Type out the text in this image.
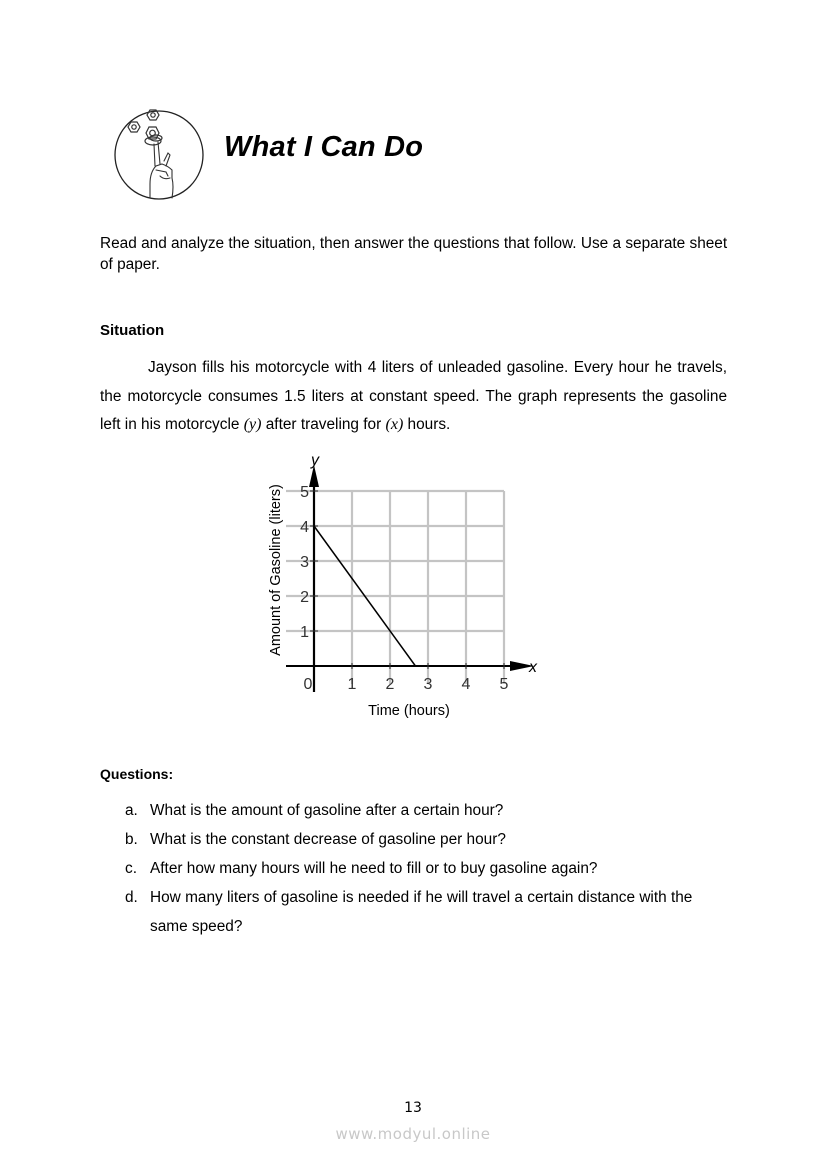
What I Can Do
Read and analyze the situation, then answer the questions that follow. Use a separate sheet of paper.
Situation
Jayson fills his motorcycle with 4 liters of unleaded gasoline. Every hour he travels, the motorcycle consumes 1.5 liters at constant speed. The graph represents the gasoline left in his motorcycle (y) after traveling for (x) hours.
0 1 2 3 4 5
1
2
3
4
5
Amount of Gasoline (liters)
Time (hours)
y
x
Questions:
a. What is the amount of gasoline after a certain hour?
b. What is the constant decrease of gasoline per hour?
c. After how many hours will he need to fill or to buy gasoline again?
d. How many liters of gasoline is needed if he will travel a certain distance with the same speed?
13
www.modyul.online
